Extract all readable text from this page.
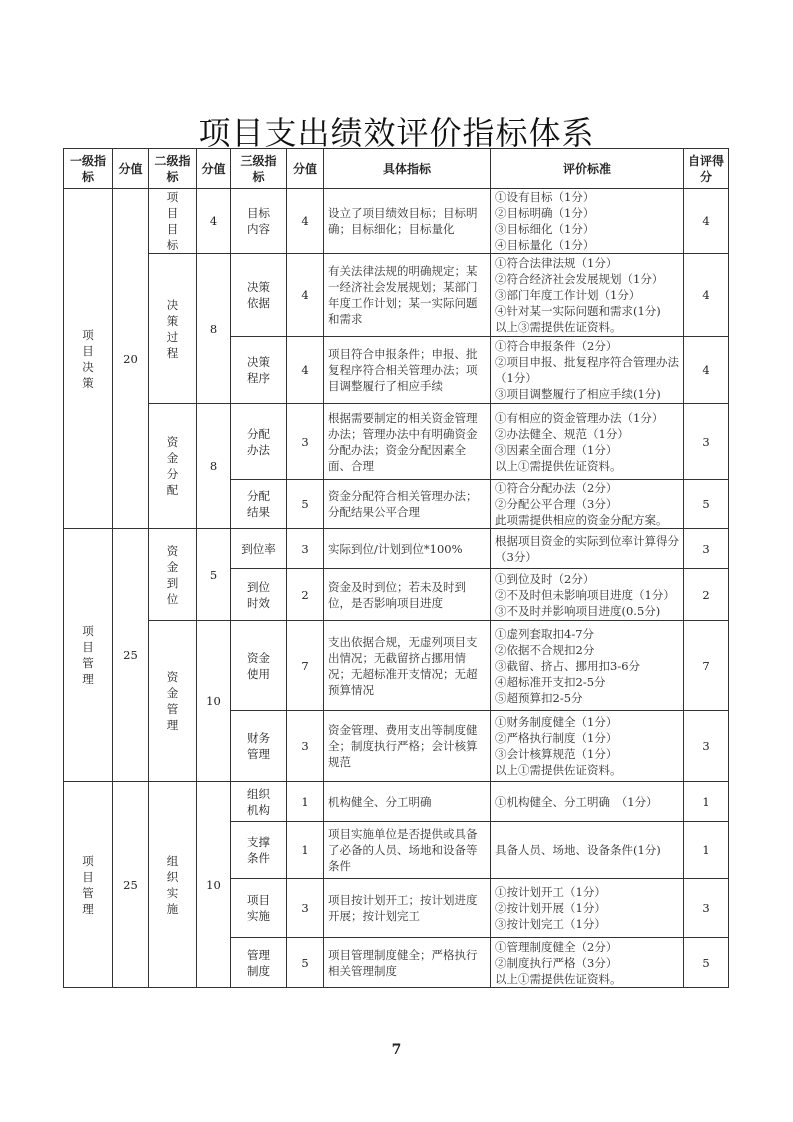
项目支出绩效评价指标体系
一级指标	分值	二级指标	分值	三级指标	分值	具体指标	评价标准	自评得分
项目决策	20	项目目标	4	目标内容	4	设立了项目绩效目标；目标明确；目标细化；目标量化	①设有目标（1分）
②目标明确（1分）
③目标细化（1分）
④目标量化（1分）	4
		决策过程	8	决策依据	4	有关法律法规的明确规定；某一经济社会发展规划；某部门年度工作计划；某一实际问题和需求	①符合法律法规（1分）
②符合经济社会发展规划（1分）
③部门年度工作计划（1分）
④针对某一实际问题和需求(1分)
以上③需提供佐证资料。	4
				决策程序	4	项目符合申报条件；申报、批复程序符合相关管理办法；项目调整履行了相应手续	①符合申报条件（2分）
②项目申报、批复程序符合管理办法（1分）
③项目调整履行了相应手续(1分)	4
		资金分配	8	分配办法	3	根据需要制定的相关资金管理办法；管理办法中有明确资金分配办法；资金分配因素全面、合理	①有相应的资金管理办法（1分）
②办法健全、规范（1分）
③因素全面合理（1分）
以上①需提供佐证资料。	3
				分配结果	5	资金分配符合相关管理办法；分配结果公平合理	①符合分配办法（2分）
②分配公平合理（3分）
此项需提供相应的资金分配方案。	5
项目管理	25	资金到位	5	到位率	3	实际到位/计划到位*100%	根据项目资金的实际到位率计算得分（3分）	3
				到位时效	2	资金及时到位；若未及时到位，是否影响项目进度	①到位及时（2分）
②不及时但未影响项目进度（1分）
③不及时并影响项目进度(0.5分)	2
		资金管理	10	资金使用	7	支出依据合规，无虚列项目支出情况；无截留挤占挪用情况；无超标准开支情况；无超预算情况	①虚列套取扣4-7分
②依据不合规扣2分
③截留、挤占、挪用扣3-6分
④超标准开支扣2-5分
⑤超预算扣2-5分	7
				财务管理	3	资金管理、费用支出等制度健全；制度执行严格；会计核算规范	①财务制度健全（1分）
②严格执行制度（1分）
③会计核算规范（1分）
以上①需提供佐证资料。	3
项目管理	25	组织实施	10	组织机构	1	机构健全、分工明确	①机构健全、分工明确　（1分）	1
				支撑条件	1	项目实施单位是否提供或具备了必备的人员、场地和设备等条件	具备人员、场地、设备条件(1分)	1
				项目实施	3	项目按计划开工；按计划进度开展；按计划完工	①按计划开工（1分）
②按计划开展（1分）
③按计划完工（1分）	3
				管理制度	5	项目管理制度健全；严格执行相关管理制度	①管理制度健全（2分）
②制度执行严格（3分）
以上①需提供佐证资料。	5
7
